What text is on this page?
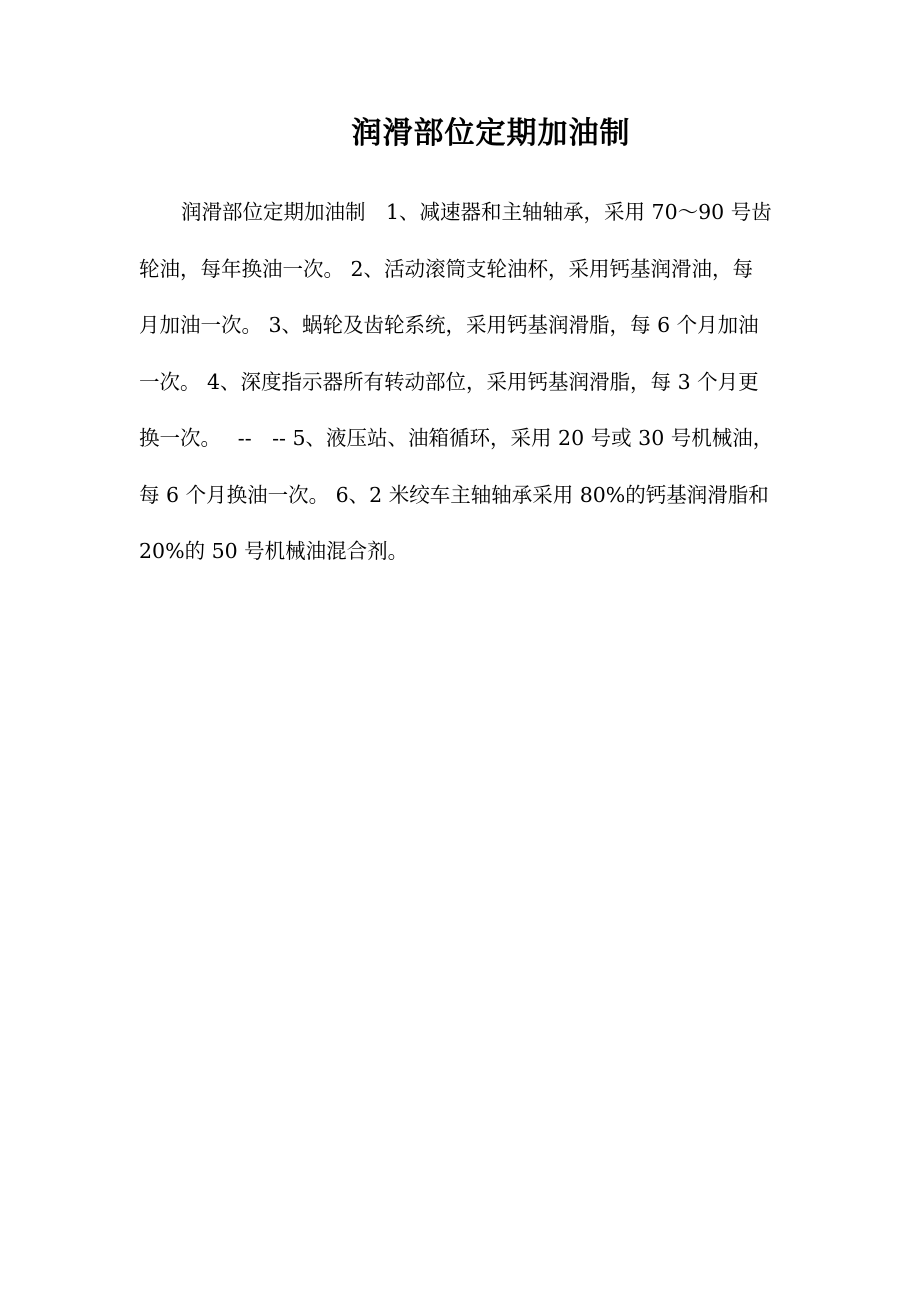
润滑部位定期加油制
润滑部位定期加油制　1、减速器和主轴轴承，采用 70～90 号齿
轮油，每年换油一次。 2、活动滚筒支轮油杯，采用钙基润滑油，每
月加油一次。 3、蜗轮及齿轮系统，采用钙基润滑脂，每 6 个月加油
一次。 4、深度指示器所有转动部位，采用钙基润滑脂，每 3 个月更
换一次。　 --　-- 5、液压站、油箱循环，采用 20 号或 30 号机械油，
每 6 个月换油一次。 6、2 米绞车主轴轴承采用 80%的钙基润滑脂和
20%的 50 号机械油混合剂。
